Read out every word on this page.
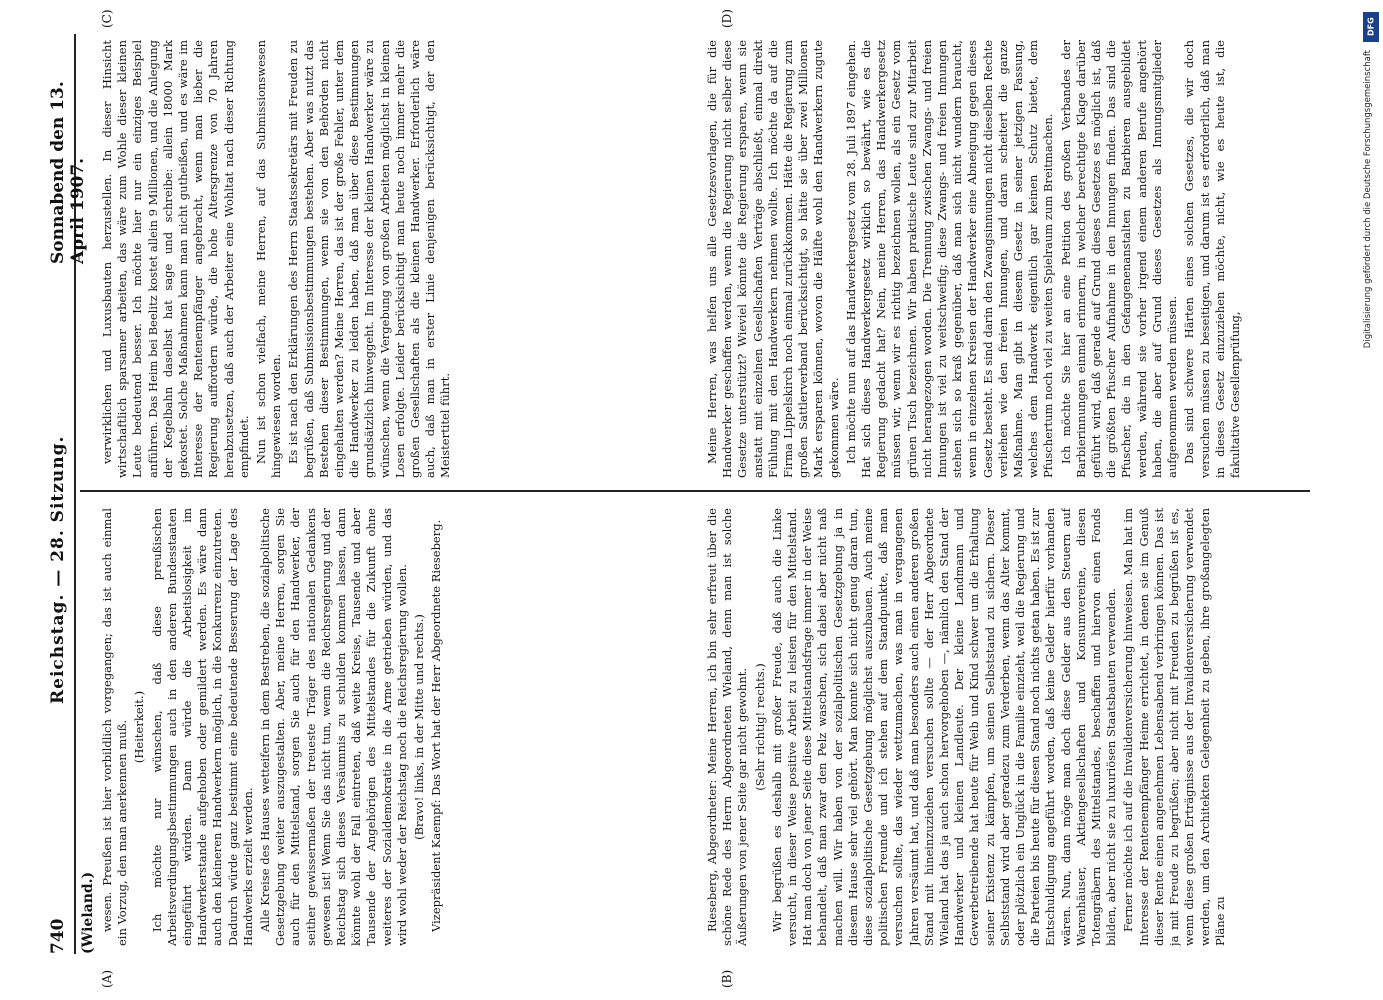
740
Reichstag. — 28. Sitzung.
Sonnabend den 13. April 1907.
(Wieland.)
(A)	(B)
(C)	(D)

wesen. Preußen ist hier vorbildlich vorgegangen; das ist auch einmal ein Vorzug, den man anerkennen muß. (Heiterkeit.) Ich möchte nur wünschen, daß diese preußischen Arbeitsverdingungsbestimmungen auch in den anderen Bundesstaaten eingeführt würden. Dann würde die Arbeitslosigkeit im Handwerkerstande aufgehoben oder gemildert werden. Es wäre dann auch den kleineren Handwerkern möglich, in die Konkurrenz einzutreten. Dadurch würde ganz bestimmt eine bedeutende Besserung der Lage des Handwerks erzielt werden. Alle Kreise des Hauses wetteifern in dem Bestreben, die sozialpolitische Gesetzgebung weiter auszugestalten. Aber, meine Herren, sorgen Sie auch für den Mittelstand, sorgen Sie auch für den Handwerker, der seither gewissermaßen der treueste Träger des nationalen Gedankens gewesen ist! Wenn Sie das nicht tun, wenn die Reichsregierung und der Reichstag sich dieses Versäumnis zu schulden kommen lassen, dann könnte wohl der Fall eintreten, daß weite Kreise, Tausende und aber Tausende der Angehörigen des Mittelstandes für die Zukunft ohne weiteres der Sozialdemokratie in die Arme getrieben würden, und das wird wohl weder der Reichstag noch die Reichsregierung wollen. (Bravo! links, in der Mitte und rechts.) Vizepräsident Kaempf: Das Wort hat der Herr Abgeordnete Rieseberg.	Rieseberg, Abgeordneter: Meine Herren, ich bin sehr erfreut über die schöne Rede des Herrn Abgeordneten Wieland, denn man ist solche Äußerungen von jener Seite gar nicht gewohnt. (Sehr richtig! rechts.) Wir begrüßen es deshalb mit großer Freude, daß auch die Linke versucht, in dieser Weise positive Arbeit zu leisten für den Mittelstand. Hat man doch von jener Seite diese Mittelstandsfrage immer in der Weise behandelt, daß man zwar den Pelz waschen, sich dabei aber nicht naß machen will. Wir haben von der sozialpolitischen Gesetzgebung ja in diesem Hause sehr viel gehört. Man konnte sich nicht genug daran tun, diese sozialpolitische Gesetzgebung möglichst auszubauen. Auch meine politischen Freunde und ich stehen auf dem Standpunkte, daß man versuchen sollte, das wieder wettzumachen, was man in vergangenen Jahren versäumt hat, und daß man besonders auch einen anderen großen Stand mit hineinzuziehen versuchen sollte — der Herr Abgeordnete Wieland hat das ja auch schon hervorgehoben —, nämlich den Stand der Handwerker und kleinen Landleute. Der kleine Landmann und Gewerbetreibende hat heute für Weib und Kind schwer um die Erhaltung seiner Existenz zu kämpfen, um seinen Selbststand zu sichern. Dieser Selbststand wird aber geradezu zum Verderben, wenn das Alter kommt, oder plötzlich ein Unglück in die Familie einzieht, weil die Regierung und die Parteien bis heute für diesen Stand noch nichts getan haben. Es ist zur Entschuldigung angeführt worden, daß keine Gelder hierfür vorhanden wären. Nun, dann möge man doch diese Gelder aus den Steuern auf Warenhäuser, Aktiengesellschaften und Konsumvereine, diesen Totengräbern des Mittelstandes, beschaffen und hiervon einen Fonds bilden, aber nicht sie zu luxuriösen Staatsbauten verwenden. Ferner möchte ich auf die Invalidenversicherung hinweisen. Man hat im Interesse der Rentenempfänger Heime errichtet, in denen sie im Genuß dieser Rente einen angenehmen Lebensabend verbringen können. Das ist ja mit Freude zu begrüßen; aber nicht mit Freuden zu begrüßen ist es, wenn diese großen Erträgnisse aus der Invalidenversicherung verwendet werden, um den Architekten Gelegenheit zu geben, ihre großangelegten Pläne zu

verwirklichen und Luxusbauten herzustellen. In dieser Hinsicht wirtschaftlich sparsamer arbeiten, das wäre zum Wohle dieser kleinen Leute bedeutend besser. Ich möchte hier nur ein einziges Beispiel anführen. Das Heim bei Beelitz kostet allein 9 Millionen, und die Anlegung der Kegelbahn daselbst hat sage und schreibe: allein 18000 Mark gekostet. Solche Maßnahmen kann man nicht gutheißen, und es wäre im Interesse der Rentenempfänger angebracht, wenn man lieber die Regierung auffordern würde, die hohe Altersgrenze von 70 Jahren herabzusetzen, daß auch der Arbeiter eine Wohltat nach dieser Richtung empfindet. Nun ist schon vielfach, meine Herren, auf das Submissionswesen hingewiesen worden. Es ist nach den Erklärungen des Herrn Staatssekretärs mit Freuden zu begrüßen, daß Submissionsbestimmungen bestehen. Aber was nutzt das Bestehen dieser Bestimmungen, wenn sie von den Behörden nicht eingehalten werden? Meine Herren, das ist der große Fehler, unter dem die Handwerker zu leiden haben, daß man über diese Bestimmungen grundsätzlich hinweggeht. Im Interesse der kleinen Handwerker wäre zu wünschen, wenn die Vergebung von großen Arbeiten möglichst in kleinen Losen erfolgte. Leider berücksichtigt man heute noch immer mehr die großen Gesellschaften als die kleinen Handwerker. Erforderlich wäre auch, daß man in erster Linie denjenigen berücksichtigt, der den Meistertitel führt.	Meine Herren, was helfen uns alle Gesetzesvorlagen, die für die Handwerker geschaffen werden, wenn die Regierung nicht selber diese Gesetze unterstützt? Wieviel könnte die Regierung ersparen, wenn sie anstatt mit einzelnen Gesellschaften Verträge abschließt, einmal direkt Fühlung mit den Handwerkern nehmen wollte. Ich möchte da auf die Firma Lippelskirch noch einmal zurückkommen. Hätte die Regierung zum großen Sattlerverband berücksichtigt, so hätte sie über zwei Millionen Mark ersparen können, wovon die Hälfte wohl den Handwerkern zugute gekommen wäre. Ich möchte nun auf das Handwerkergesetz vom 28. Juli 1897 eingehen. Hat sich dieses Handwerkergesetz wirklich so bewährt, wie es die Regierung gedacht hat? Nein, meine Herren, das Handwerkergesetz müssen wir, wenn wir es richtig bezeichnen wollen, als ein Gesetz vom grünen Tisch bezeichnen. Wir haben praktische Leute sind zur Mitarbeit nicht herangezogen worden. Die Trennung zwischen Zwangs- und freien Innungen ist viel zu weitschweifig; diese Zwangs- und freien Innungen stehen sich so kraß gegenüber, daß man sich nicht wundern braucht, wenn in einzelnen Kreisen der Handwerker eine Abneigung gegen dieses Gesetz besteht. Es sind darin den Zwangsinnungen nicht dieselben Rechte verliehen wie den freien Innungen, und daran scheitert die ganze Maßnahme. Man gibt in diesem Gesetz in seiner jetzigen Fassung, welches dem Handwerk eigentlich gar keinen Schutz bietet, dem Pfuschertum noch viel zu weiten Spielraum zum Breitmachen. Ich möchte Sie hier an eine Petition des großen Verbandes der Barbierinnungen einmal erinnern, in welcher berechtigte Klage darüber geführt wird, daß gerade auf Grund dieses Gesetzes es möglich ist, daß die größten Pfuscher Aufnahme in den Innungen finden. Das sind die Pfuscher, die in den Gefangenenanstalten zu Barbieren ausgebildet werden, während sie vorher irgend einem anderen Berufe angehört haben, die aber auf Grund dieses Gesetzes als Innungsmitglieder aufgenommen werden müssen. Das sind schwere Härten eines solchen Gesetzes, die wir doch versuchen müssen zu beseitigen, und darum ist es erforderlich, daß man in dieses Gesetz einzuziehen möchte, nicht, wie es heute ist, die fakultative Gesellenprüfung,

DFG
Digitalisierung gefördert durch die Deutsche Forschungsgemeinschaft
